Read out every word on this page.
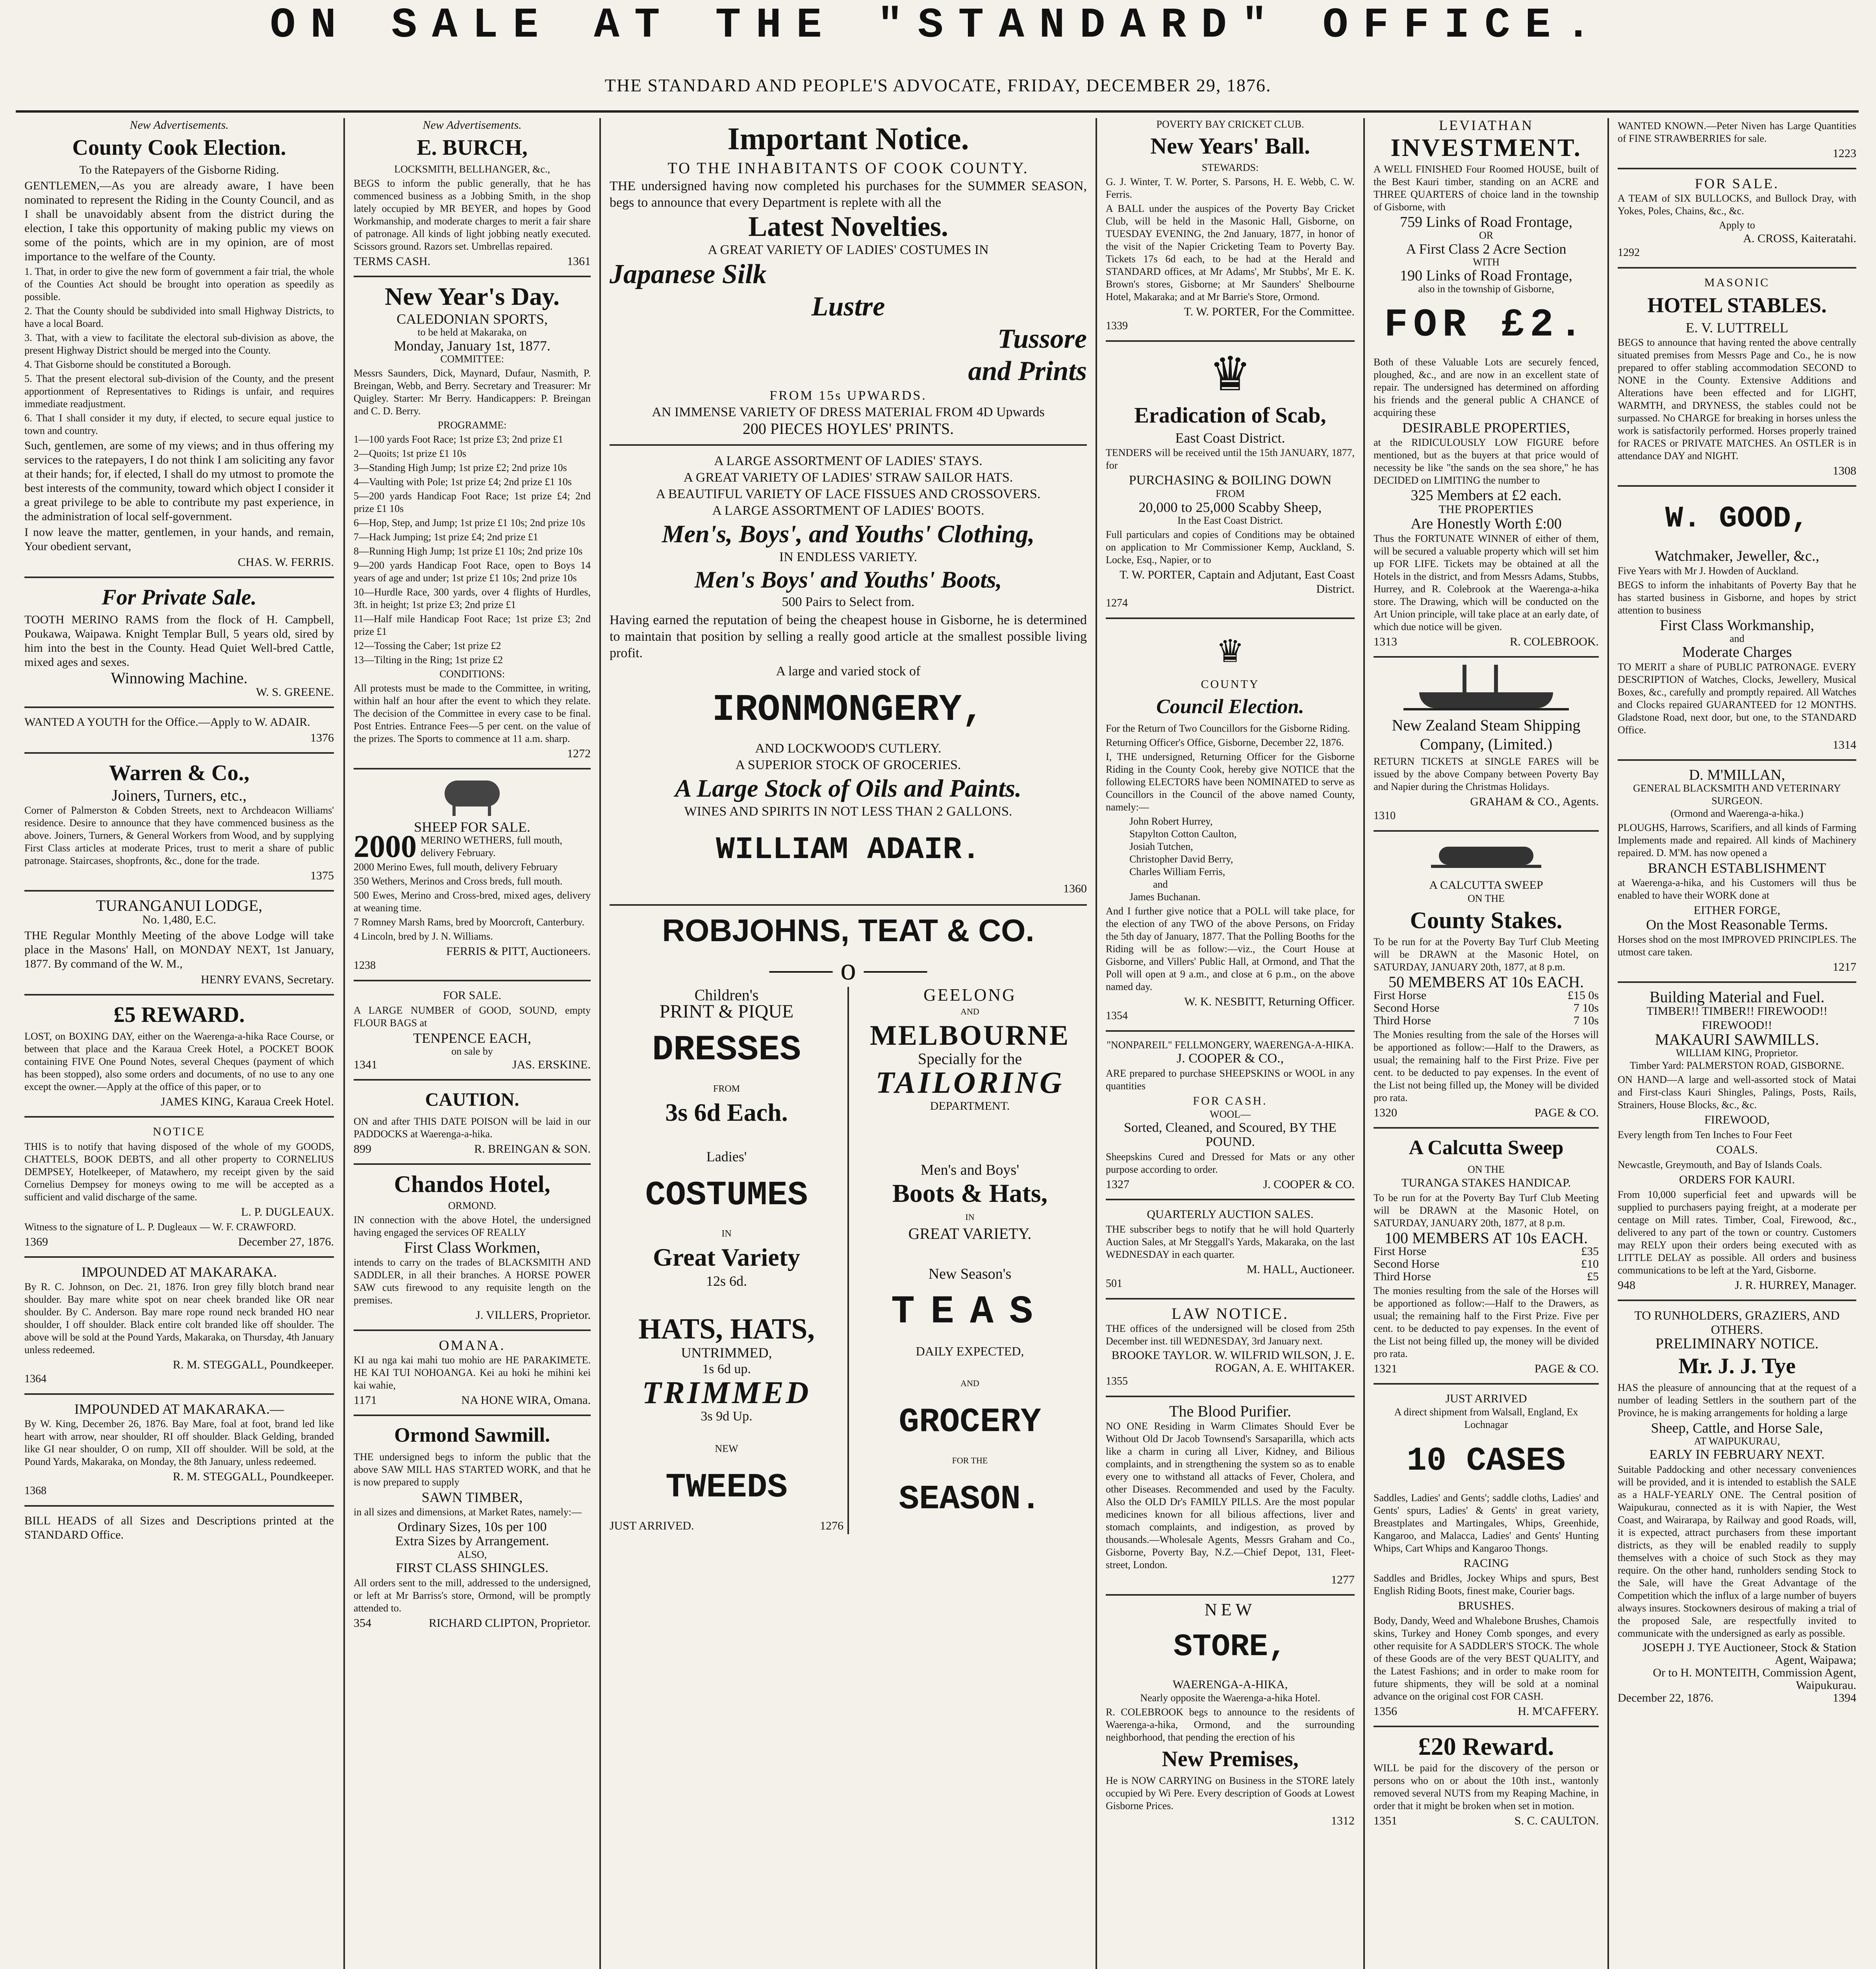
ON SALE AT THE "STANDARD" OFFICE.
THE STANDARD AND PEOPLE'S ADVOCATE, FRIDAY, DECEMBER 29, 1876.
New Advertisements.
County Cook Election.
To the Ratepayers of the Gisborne Riding.

GENTLEMEN,—As you are already aware, I have been nominated to represent the Riding in the County Council, and as I shall be unavoidably absent from the district during the election, I take this opportunity of making public my views on some of the points, which are in my opinion, are of most importance to the welfare of the County.

1. That, in order to give the new form of government a fair trial, the whole of the Counties Act should be brought into operation as speedily as possible.

2. That the County should be subdivided into small Highway Districts, to have a local Board.

3. That, with a view to facilitate the electoral sub-division as above, the present Highway District should be merged into the County.

4. That Gisborne should be constituted a Borough.

5. That the present electoral sub-division of the County, and the present apportionment of Representatives to Ridings is unfair, and requires immediate readjustment.

6. That I shall consider it my duty, if elected, to secure equal justice to town and country.

Such, gentlemen, are some of my views; and in thus offering my services to the ratepayers, I do not think I am soliciting any favor at their hands; for, if elected, I shall do my utmost to promote the best interests of the community, toward which object I consider it a great privilege to be able to contribute my past experience, in the administration of local self-government.

I now leave the matter, gentlemen, in your hands, and remain, Your obedient servant,

CHAS. W. FERRIS.
For Private Sale.

TOOTH MERINO RAMS from the flock of H. Campbell, Poukawa, Waipawa. Knight Templar Bull, 5 years old, sired by him into the best in the County. Head Quiet Well-bred Cattle, mixed ages and sexes.

Winnowing Machine.
W. S. GREENE.

WANTED A YOUTH for the Office.—Apply to W. ADAIR.

1376
Warren & Co.,
Joiners, Turners, etc.,

Corner of Palmerston & Cobden Streets, next to Archdeacon Williams' residence. Desire to announce that they have commenced business as the above. Joiners, Turners, & General Workers from Wood, and by supplying First Class articles at moderate Prices, trust to merit a share of public patronage. Staircases, shopfronts, &c., done for the trade.

1375
TURANGANUI LODGE,
No. 1,480, E.C.

THE Regular Monthly Meeting of the above Lodge will take place in the Masons' Hall, on MONDAY NEXT, 1st January, 1877. By command of the W. M.,

HENRY EVANS, Secretary.
£5 REWARD.

LOST, on BOXING DAY, either on the Waerenga-a-hika Race Course, or between that place and the Karaua Creek Hotel, a POCKET BOOK containing FIVE One Pound Notes, several Cheques (payment of which has been stopped), also some orders and documents, of no use to any one except the owner.—Apply at the office of this paper, or to

JAMES KING, Karaua Creek Hotel.
NOTICE

THIS is to notify that having disposed of the whole of my GOODS, CHATTELS, BOOK DEBTS, and all other property to CORNELIUS DEMPSEY, Hotelkeeper, of Matawhero, my receipt given by the said Cornelius Dempsey for moneys owing to me will be accepted as a sufficient and valid discharge of the same.

L. P. DUGLEAUX.

Witness to the signature of L. P. Dugleaux — W. F. CRAWFORD.

1369	December 27, 1876.
IMPOUNDED AT MAKARAKA.

By R. C. Johnson, on Dec. 21, 1876. Iron grey filly blotch brand near shoulder. Bay mare white spot on near cheek branded like OR near shoulder. By C. Anderson. Bay mare rope round neck branded HO near shoulder, I off shoulder. Black entire colt branded like off shoulder. The above will be sold at the Pound Yards, Makaraka, on Thursday, 4th January unless redeemed.

R. M. STEGGALL, Poundkeeper.
1364
IMPOUNDED AT MAKARAKA.—

By W. King, December 26, 1876. Bay Mare, foal at foot, brand led like heart with arrow, near shoulder, RI off shoulder. Black Gelding, branded like GI near shoulder, O on rump, XII off shoulder. Will be sold, at the Pound Yards, Makaraka, on Monday, the 8th January, unless redeemed.

R. M. STEGGALL, Poundkeeper.
1368

BILL HEADS of all Sizes and Descriptions printed at the STANDARD Office.

New Advertisements.
E. BURCH,
LOCKSMITH, BELLHANGER, &c.,

BEGS to inform the public generally, that he has commenced business as a Jobbing Smith, in the shop lately occupied by MR BEYER, and hopes by Good Workmanship, and moderate charges to merit a fair share of patronage. All kinds of light jobbing neatly executed. Scissors ground. Razors set. Umbrellas repaired.

TERMS CASH.	1361
New Year's Day.
CALEDONIAN SPORTS,
to be held at Makaraka, on
Monday, January 1st, 1877.
COMMITTEE:

Messrs Saunders, Dick, Maynard, Dufaur, Nasmith, P. Breingan, Webb, and Berry. Secretary and Treasurer: Mr Quigley. Starter: Mr Berry. Handicappers: P. Breingan and C. D. Berry.

PROGRAMME:

1—100 yards Foot Race; 1st prize £3; 2nd prize £1

2—Quoits; 1st prize £1 10s

3—Standing High Jump; 1st prize £2; 2nd prize 10s

4—Vaulting with Pole; 1st prize £4; 2nd prize £1 10s

5—200 yards Handicap Foot Race; 1st prize £4; 2nd prize £1 10s

6—Hop, Step, and Jump; 1st prize £1 10s; 2nd prize 10s

7—Hack Jumping; 1st prize £4; 2nd prize £1

8—Running High Jump; 1st prize £1 10s; 2nd prize 10s

9—200 yards Handicap Foot Race, open to Boys 14 years of age and under; 1st prize £1 10s; 2nd prize 10s

10—Hurdle Race, 300 yards, over 4 flights of Hurdles, 3ft. in height; 1st prize £3; 2nd prize £1

11—Half mile Handicap Foot Race; 1st prize £3; 2nd prize £1

12—Tossing the Caber; 1st prize £2

13—Tilting in the Ring; 1st prize £2

CONDITIONS:

All protests must be made to the Committee, in writing, within half an hour after the event to which they relate. The decision of the Committee in every case to be final. Post Entries. Entrance Fees—5 per cent. on the value of the prizes. The Sports to commence at 11 a.m. sharp.

1272
SHEEP FOR SALE.
2000 MERINO WETHERS, full mouth, delivery February.

2000 Merino Ewes, full mouth, delivery February

350 Wethers, Merinos and Cross breds, full mouth.

500 Ewes, Merino and Cross-bred, mixed ages, delivery at weaning time.

7 Romney Marsh Rams, bred by Moorcroft, Canterbury.

4 Lincoln, bred by J. N. Williams.

FERRIS & PITT, Auctioneers.
1238
FOR SALE.

A LARGE NUMBER of GOOD, SOUND, empty FLOUR BAGS at

TENPENCE EACH,
on sale by
1341	JAS. ERSKINE.
CAUTION.

ON and after THIS DATE POISON will be laid in our PADDOCKS at Waerenga-a-hika.

899	R. BREINGAN & SON.
Chandos Hotel,
ORMOND.

IN connection with the above Hotel, the undersigned having engaged the services OF REALLY

First Class Workmen,

intends to carry on the trades of BLACKSMITH AND SADDLER, in all their branches. A HORSE POWER SAW cuts firewood to any requisite length on the premises.

J. VILLERS, Proprietor.
OMANA.

KI au nga kai mahi tuo mohio are HE PARAKIMETE. HE KAI TUI NOHOANGA. Kei au hoki he mihini kei kai wahie,

1171	NA HONE WIRA, Omana.
Ormond Sawmill.

THE undersigned begs to inform the public that the above SAW MILL HAS STARTED WORK, and that he is now prepared to supply

SAWN TIMBER,

in all sizes and dimensions, at Market Rates, namely:—

Ordinary Sizes, 10s per 100
Extra Sizes by Arrangement.
ALSO,
FIRST CLASS SHINGLES.

All orders sent to the mill, addressed to the undersigned, or left at Mr Barriss's store, Ormond, will be promptly attended to.

354	RICHARD CLIPTON, Proprietor.
Important Notice.
TO THE INHABITANTS OF COOK COUNTY.

THE undersigned having now completed his purchases for the SUMMER SEASON, begs to announce that every Department is replete with all the

Latest Novelties.
A GREAT VARIETY OF LADIES' COSTUMES IN
Japanese Silk
Lustre
Tussore
and Prints
FROM 15s UPWARDS.
AN IMMENSE VARIETY OF DRESS MATERIAL FROM 4D Upwards
200 PIECES HOYLES' PRINTS.
A LARGE ASSORTMENT OF LADIES' STAYS.
A GREAT VARIETY OF LADIES' STRAW SAILOR HATS.
A BEAUTIFUL VARIETY OF LACE FISSUES AND CROSSOVERS.
A LARGE ASSORTMENT OF LADIES' BOOTS.
Men's, Boys', and Youths' Clothing,
IN ENDLESS VARIETY.
Men's Boys' and Youths' Boots,
500 Pairs to Select from.

Having earned the reputation of being the cheapest house in Gisborne, he is determined to maintain that position by selling a really good article at the smallest possible living profit.

A large and varied stock of
IRONMONGERY,
AND LOCKWOOD'S CUTLERY.
A SUPERIOR STOCK OF GROCERIES.
A Large Stock of Oils and Paints.
WINES AND SPIRITS IN NOT LESS THAN 2 GALLONS.
WILLIAM ADAIR.
1360
ROBJOHNS, TEAT & CO.
—— o ——
Children's
PRINT & PIQUE
DRESSES
FROM
3s 6d Each.
Ladies'
COSTUMES
IN
Great Variety
12s 6d.
HATS, HATS,
UNTRIMMED,
1s 6d up.
TRIMMED
3s 9d Up.
NEW
TWEEDS
JUST ARRIVED.	1276
GEELONG
AND
MELBOURNE
Specially for the
TAILORING
DEPARTMENT.
Men's and Boys'
Boots & Hats,
IN
GREAT VARIETY.
New Season's
TEAS
DAILY EXPECTED,
AND
GROCERY
FOR THE
SEASON.
POVERTY BAY CRICKET CLUB.
New Years' Ball.
STEWARDS:

G. J. Winter, T. W. Porter, S. Parsons, H. E. Webb, C. W. Ferris.

A BALL under the auspices of the Poverty Bay Cricket Club, will be held in the Masonic Hall, Gisborne, on TUESDAY EVENING, the 2nd January, 1877, in honor of the visit of the Napier Cricketing Team to Poverty Bay. Tickets 17s 6d each, to be had at the Herald and STANDARD offices, at Mr Adams', Mr Stubbs', Mr E. K. Brown's stores, Gisborne; at Mr Saunders' Shelbourne Hotel, Makaraka; and at Mr Barrie's Store, Ormond.

T. W. PORTER, For the Committee.
1339
♛
Eradication of Scab,
East Coast District.

TENDERS will be received until the 15th JANUARY, 1877, for

PURCHASING & BOILING DOWN
FROM
20,000 to 25,000 Scabby Sheep,
In the East Coast District.

Full particulars and copies of Conditions may be obtained on application to Mr Commissioner Kemp, Auckland, S. Locke, Esq., Napier, or to

T. W. PORTER, Captain and Adjutant, East Coast District.
1274
♛
COUNTY
Council Election.

For the Return of Two Councillors for the Gisborne Riding.

Returning Officer's Office, Gisborne, December 22, 1876.

I, THE undersigned, Returning Officer for the Gisborne Riding in the County Cook, hereby give NOTICE that the following ELECTORS have been NOMINATED to serve as Councillors in the Council of the above named County, namely:—

John Robert Hurrey,
Stapylton Cotton Caulton,
Josiah Tutchen,
Christopher David Berry,
Charles William Ferris,
and
James Buchanan.

And I further give notice that a POLL will take place, for the election of any TWO of the above Persons, on Friday the 5th day of January, 1877. That the Polling Booths for the Riding will be as follow:—viz., the Court House at Gisborne, and Villers' Public Hall, at Ormond, and That the Poll will open at 9 a.m., and close at 6 p.m., on the above named day.

W. K. NESBITT, Returning Officer.
1354
"NONPAREIL" FELLMONGERY, WAERENGA-A-HIKA.
J. COOPER & CO.,

ARE prepared to purchase SHEEPSKINS or WOOL in any quantities

FOR CASH.
WOOL—
Sorted, Cleaned, and Scoured, BY THE POUND.

Sheepskins Cured and Dressed for Mats or any other purpose according to order.

1327	J. COOPER & CO.
QUARTERLY AUCTION SALES.

THE subscriber begs to notify that he will hold Quarterly Auction Sales, at Mr Steggall's Yards, Makaraka, on the last WEDNESDAY in each quarter.

M. HALL, Auctioneer.
501
LAW NOTICE.

THE offices of the undersigned will be closed from 25th December inst. till WEDNESDAY, 3rd January next.

BROOKE TAYLOR. W. WILFRID WILSON, J. E. ROGAN, A. E. WHITAKER.
1355
The Blood Purifier.

NO ONE Residing in Warm Climates Should Ever be Without Old Dr Jacob Townsend's Sarsaparilla, which acts like a charm in curing all Liver, Kidney, and Bilious complaints, and in strengthening the system so as to enable every one to withstand all attacks of Fever, Cholera, and other Diseases. Recommended and used by the Faculty. Also the OLD Dr's FAMILY PILLS. Are the most popular medicines known for all bilious affections, liver and stomach complaints, and indigestion, as proved by thousands.—Wholesale Agents, Messrs Graham and Co., Gisborne, Poverty Bay, N.Z.—Chief Depot, 131, Fleet-street, London.

1277
NEW
STORE,
WAERENGA-A-HIKA,
Nearly opposite the Waerenga-a-hika Hotel.

R. COLEBROOK begs to announce to the residents of Waerenga-a-hika, Ormond, and the surrounding neighborhood, that pending the erection of his

New Premises,

He is NOW CARRYING on Business in the STORE lately occupied by Wi Pere. Every description of Goods at Lowest Gisborne Prices.

1312
LEVIATHAN
INVESTMENT.

A WELL FINISHED Four Roomed HOUSE, built of the Best Kauri timber, standing on an ACRE and THREE QUARTERS of choice land in the township of Gisborne, with

759 Links of Road Frontage,
OR
A First Class 2 Acre Section
WITH
190 Links of Road Frontage,
also in the township of Gisborne,
FOR £2.

Both of these Valuable Lots are securely fenced, ploughed, &c., and are now in an excellent state of repair. The undersigned has determined on affording his friends and the general public A CHANCE of acquiring these

DESIRABLE PROPERTIES,

at the RIDICULOUSLY LOW FIGURE before mentioned, but as the buyers at that price would of necessity be like "the sands on the sea shore," he has DECIDED on LIMITING the number to

325 Members at £2 each.
THE PROPERTIES
Are Honestly Worth £:00

Thus the FORTUNATE WINNER of either of them, will be secured a valuable property which will set him up FOR LIFE. Tickets may be obtained at all the Hotels in the district, and from Messrs Adams, Stubbs, Hurrey, and R. Colebrook at the Waerenga-a-hika store. The Drawing, which will be conducted on the Art Union principle, will take place at an early date, of which due notice will be given.

1313	R. COLEBROOK.
New Zealand Steam Shipping Company, (Limited.)

RETURN TICKETS at SINGLE FARES will be issued by the above Company between Poverty Bay and Napier during the Christmas Holidays.

GRAHAM & CO., Agents.
1310
A CALCUTTA SWEEP
ON THE
County Stakes.

To be run for at the Poverty Bay Turf Club Meeting will be DRAWN at the Masonic Hotel, on SATURDAY, JANUARY 20th, 1877, at 8 p.m.

50 MEMBERS AT 10s EACH.
First Horse	£15 0s
Second Horse	7 10s
Third Horse	7 10s

The Monies resulting from the sale of the Horses will be apportioned as follow:—Half to the Drawers, as usual; the remaining half to the First Prize. Five per cent. to be deducted to pay expenses. In the event of the List not being filled up, the Money will be divided pro rata.

1320	PAGE & CO.
A Calcutta Sweep
ON THE
TURANGA STAKES HANDICAP.

To be run for at the Poverty Bay Turf Club Meeting will be DRAWN at the Masonic Hotel, on SATURDAY, JANUARY 20th, 1877, at 8 p.m.

100 MEMBERS AT 10s EACH.
First Horse	£35
Second Horse	£10
Third Horse	£5

The monies resulting from the sale of the Horses will be apportioned as follow:—Half to the Drawers, as usual; the remaining half to the First Prize. Five per cent. to be deducted to pay expenses. In the event of the List not being filled up, the money will be divided pro rata.

1321	PAGE & CO.
JUST ARRIVED
A direct shipment from Walsall, England, Ex Lochnagar
10 CASES

Saddles, Ladies' and Gents'; saddle cloths, Ladies' and Gents' spurs, Ladies' & Gents' in great variety, Breastplates and Martingales, Whips, Greenhide, Kangaroo, and Malacca, Ladies' and Gents' Hunting Whips, Cart Whips and Kangaroo Thongs.

RACING

Saddles and Bridles, Jockey Whips and spurs, Best English Riding Boots, finest make, Courier bags.

BRUSHES.

Body, Dandy, Weed and Whalebone Brushes, Chamois skins, Turkey and Honey Comb sponges, and every other requisite for A SADDLER'S STOCK. The whole of these Goods are of the very BEST QUALITY, and the Latest Fashions; and in order to make room for future shipments, they will be sold at a nominal advance on the original cost FOR CASH.

1356	H. M'CAFFERY.
£20 Reward.

WILL be paid for the discovery of the person or persons who on or about the 10th inst., wantonly removed several NUTS from my Reaping Machine, in order that it might be broken when set in motion.

1351	S. C. CAULTON.

WANTED KNOWN.—Peter Niven has Large Quantities of FINE STRAWBERRIES for sale.

1223
FOR SALE.

A TEAM of SIX BULLOCKS, and Bullock Dray, with Yokes, Poles, Chains, &c., &c.

Apply to
A. CROSS, Kaiteratahi.
1292
MASONIC
HOTEL STABLES.
E. V. LUTTRELL

BEGS to announce that having rented the above centrally situated premises from Messrs Page and Co., he is now prepared to offer stabling accommodation SECOND to NONE in the County. Extensive Additions and Alterations have been effected and for LIGHT, WARMTH, and DRYNESS, the stables could not be surpassed. No CHARGE for breaking in horses unless the work is satisfactorily performed. Horses properly trained for RACES or PRIVATE MATCHES. An OSTLER is in attendance DAY and NIGHT.

1308
W. GOOD,
Watchmaker, Jeweller, &c.,

Five Years with Mr J. Howden of Auckland.

BEGS to inform the inhabitants of Poverty Bay that he has started business in Gisborne, and hopes by strict attention to business

First Class Workmanship,
and
Moderate Charges

TO MERIT a share of PUBLIC PATRONAGE. EVERY DESCRIPTION of Watches, Clocks, Jewellery, Musical Boxes, &c., carefully and promptly repaired. All Watches and Clocks repaired GUARANTEED for 12 MONTHS. Gladstone Road, next door, but one, to the STANDARD Office.

1314
D. M'MILLAN,
GENERAL BLACKSMITH AND VETERINARY SURGEON.
(Ormond and Waerenga-a-hika.)

PLOUGHS, Harrows, Scarifiers, and all kinds of Farming Implements made and repaired. All kinds of Machinery repaired. D. M'M. has now opened a

BRANCH ESTABLISHMENT

at Waerenga-a-hika, and his Customers will thus be enabled to have their WORK done at

EITHER FORGE,
On the Most Reasonable Terms.

Horses shod on the most IMPROVED PRINCIPLES. The utmost care taken.

1217
Building Material and Fuel.
TIMBER!! TIMBER!! FIREWOOD!! FIREWOOD!!
MAKAURI SAWMILLS.
WILLIAM KING, Proprietor.
Timber Yard: PALMERSTON ROAD, GISBORNE.

ON HAND—A large and well-assorted stock of Matai and First-class Kauri Shingles, Palings, Posts, Rails, Strainers, House Blocks, &c., &c.

FIREWOOD,

Every length from Ten Inches to Four Feet

COALS.

Newcastle, Greymouth, and Bay of Islands Coals.

ORDERS FOR KAURI.

From 10,000 superficial feet and upwards will be supplied to purchasers paying freight, at a moderate per centage on Mill rates. Timber, Coal, Firewood, &c., delivered to any part of the town or country. Customers may RELY upon their orders being executed with as LITTLE DELAY as possible. All orders and business communications to be left at the Yard, Gisborne.

948	J. R. HURREY, Manager.
TO RUNHOLDERS, GRAZIERS, AND OTHERS.
PRELIMINARY NOTICE.
Mr. J. J. Tye

HAS the pleasure of announcing that at the request of a number of leading Settlers in the southern part of the Province, he is making arrangements for holding a large

Sheep, Cattle, and Horse Sale,
AT WAIPUKURAU,
EARLY IN FEBRUARY NEXT.

Suitable Paddocking and other necessary conveniences will be provided, and it is intended to establish the SALE as a HALF-YEARLY ONE. The Central position of Waipukurau, connected as it is with Napier, the West Coast, and Wairarapa, by Railway and good Roads, will, it is expected, attract purchasers from these important districts, as they will be enabled readily to supply themselves with a choice of such Stock as they may require. On the other hand, runholders sending Stock to the Sale, will have the Great Advantage of the Competition which the influx of a large number of buyers always insures. Stockowners desirous of making a trial of the proposed Sale, are respectfully invited to communicate with the undersigned as early as possible.

JOSEPH J. TYE Auctioneer, Stock & Station Agent, Waipawa;
Or to H. MONTEITH, Commission Agent, Waipukurau.
December 22, 1876.	1394
